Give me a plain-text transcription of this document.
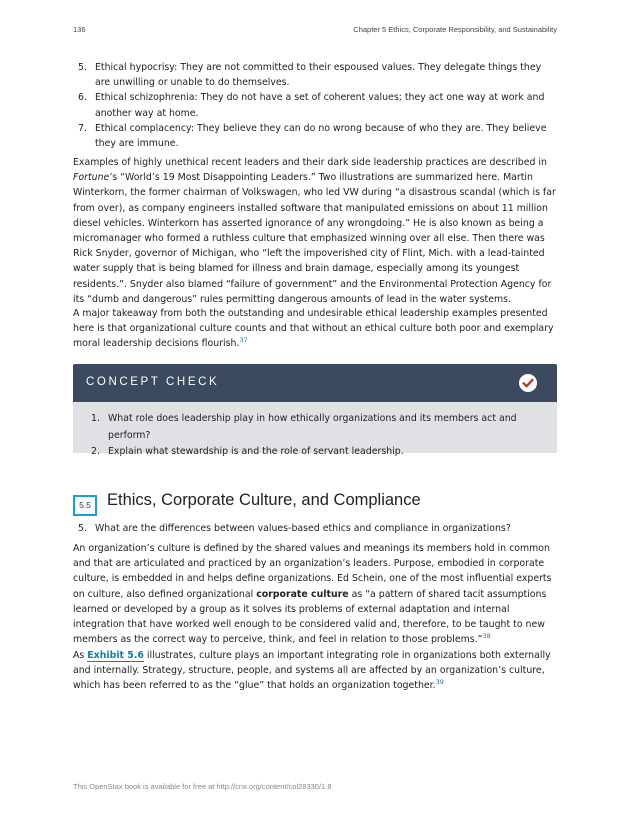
136	Chapter 5 Ethics, Corporate Responsibility, and Sustainability
5. Ethical hypocrisy: They are not committed to their espoused values. They delegate things they are unwilling or unable to do themselves.
6. Ethical schizophrenia: They do not have a set of coherent values; they act one way at work and another way at home.
7. Ethical complacency: They believe they can do no wrong because of who they are. They believe they are immune.

Examples of highly unethical recent leaders and their dark side leadership practices are described in Fortune’s “World’s 19 Most Disappointing Leaders.” Two illustrations are summarized here. Martin Winterkorn, the former chairman of Volkswagen, who led VW during “a disastrous scandal (which is far from over), as company engineers installed software that manipulated emissions on about 11 million diesel vehicles. Winterkorn has asserted ignorance of any wrongdoing.” He is also known as being a micromanager who formed a ruthless culture that emphasized winning over all else. Then there was Rick Snyder, governor of Michigan, who “left the impoverished city of Flint, Mich. with a lead-tainted water supply that is being blamed for illness and brain damage, especially among its youngest residents.”. Snyder also blamed “failure of government” and the Environmental Protection Agency for its “dumb and dangerous” rules permitting dangerous amounts of lead in the water systems.

A major takeaway from both the outstanding and undesirable ethical leadership examples presented here is that organizational culture counts and that without an ethical culture both poor and exemplary moral leadership decisions flourish.$^{37}$

CONCEPT CHECK
1. What role does leadership play in how ethically organizations and its members act and perform?
2. Explain what stewardship is and the role of servant leadership.
5.5 Ethics, Corporate Culture, and Compliance
5. What are the differences between values-based ethics and compliance in organizations?

An organization’s culture is defined by the shared values and meanings its members hold in common and that are articulated and practiced by an organization’s leaders. Purpose, embodied in corporate culture, is embedded in and helps define organizations. Ed Schein, one of the most influential experts on culture, also defined organizational corporate culture as “a pattern of shared tacit assumptions learned or developed by a group as it solves its problems of external adaptation and internal integration that have worked well enough to be considered valid and, therefore, to be taught to new members as the correct way to perceive, think, and feel in relation to those problems.”$^{38}$

As Exhibit 5.6 illustrates, culture plays an important integrating role in organizations both externally and internally. Strategy, structure, people, and systems all are affected by an organization’s culture, which has been referred to as the “glue” that holds an organization together.$^{39}$

This OpenStax book is available for free at http://cnx.org/content/col28330/1.8
